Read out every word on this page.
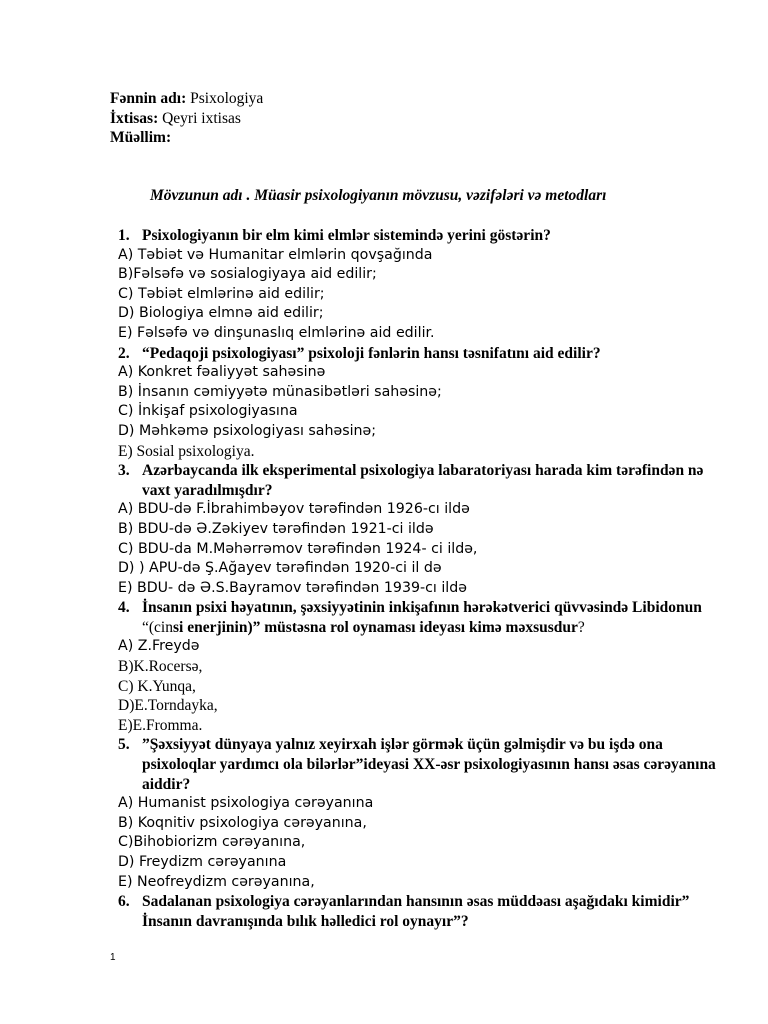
Fənnin adı: Psixologiya
İxtisas: Qeyri ixtisas
Müəllim:
Mövzunun adı . Müasir psixologiyanın mövzusu, vəzifələri və metodları
1. Psixologiyanın bir elm kimi elmlər sistemində yerini göstərin?
A) Təbiət və Humanitar elmlərin qovşağında
B)Fəlsəfə və sosialogiyaya aid edilir;
C) Təbiət elmlərinə aid edilir;
D) Biologiya elmnə aid edilir;
E) Fəlsəfə və dinşunaslıq elmlərinə aid edilir.
2. “Pedaqoji psixologiyası” psixoloji fənlərin hansı təsnifatını aid edilir?
A) Konkret fəaliyyət sahəsinə
B) İnsanın cəmiyyətə münasibətləri sahəsinə;
C) İnkişaf psixologiyasına
D) Məhkəmə psixologiyası sahəsinə;
E) Sosial psixologiya.
3. Azərbaycanda ilk eksperimental psixologiya labaratoriyası harada kim tərəfindən nə vaxt yaradılmışdır?
A) BDU-də F.İbrahimbəyov tərəfindən 1926-cı ildə
B) BDU-də Ə.Zəkiyev tərəfindən 1921-ci ildə
C) BDU-da M.Məhərrəmov tərəfindən 1924- ci ildə,
D) ) APU-də Ş.Ağayev tərəfindən 1920-ci il də
E) BDU- də Ə.S.Bayramov tərəfindən 1939-cı ildə
4. İnsanın psixi həyatının, şəxsiyyətinin inkişafının hərəkətverici qüvvəsində Libidonun “(cinsi enerjinin)” müstəsna rol oynaması ideyası kimə məxsusdur?
A) Z.Freydə
B)K.Rocersə,
C) K.Yunqa,
D)E.Torndayka,
E)E.Fromma.
5. ”Şəxsiyyət dünyaya yalnız xeyirxah işlər görmək üçün gəlmişdir və bu işdə ona psixoloqlar yardımcı ola bilərlər”ideyasi XX-əsr psixologiyasının hansı əsas cərəyanına aiddir?
A) Humanist psixologiya cərəyanına
B) Koqnitiv psixologiya cərəyanına,
C)Bihobiorizm cərəyanına,
D) Freydizm cərəyanına
E) Neofreydizm cərəyanına,
6. Sadalanan psixologiya cərəyanlarından hansının əsas müddəası aşağıdakı kimidir” İnsanın davranışında bılık həlledici rol oynayır”?
1
